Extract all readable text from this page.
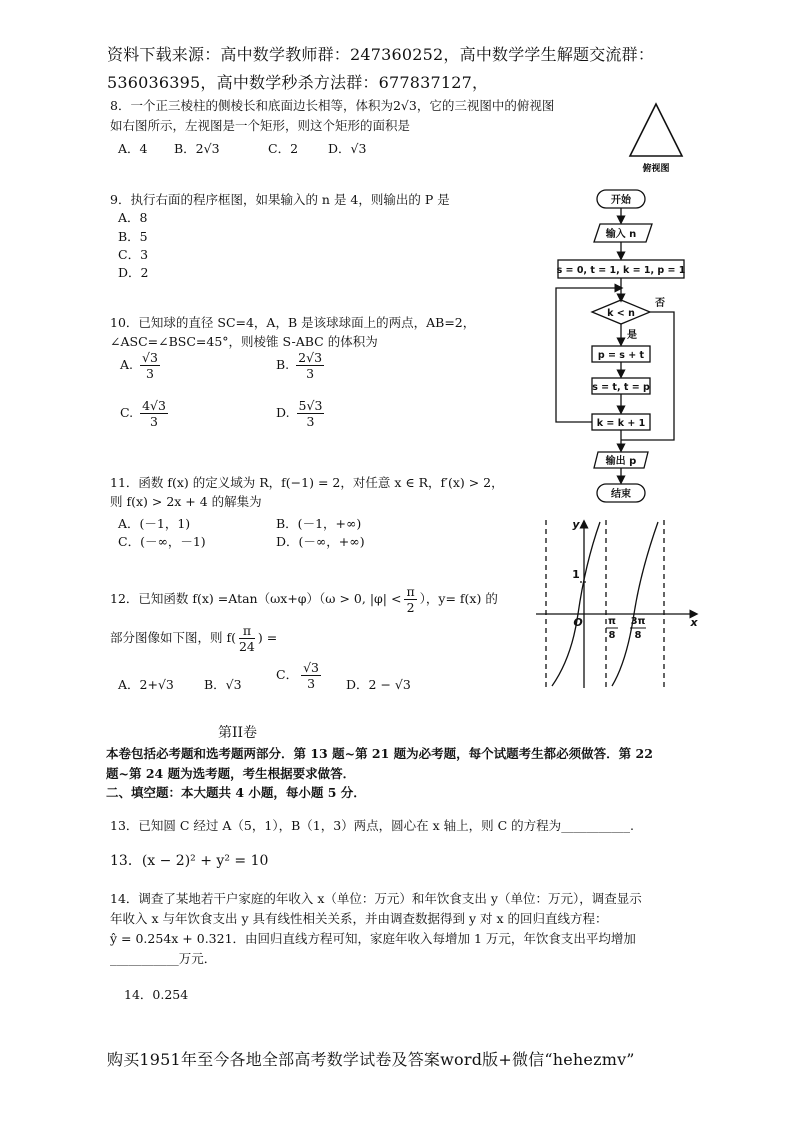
资料下载来源：高中数学教师群：247360252，高中数学学生解题交流群：
536036395，高中数学秒杀方法群：677837127，
8．一个正三棱柱的侧棱长和底面边长相等，体积为2√3，它的三视图中的俯视图
如右图所示，左视图是一个矩形，则这个矩形的面积是
A．4 B．2√3	C．2 D．√3
俯视图
9．执行右面的程序框图，如果输入的 n 是 4，则输出的 P 是
A．8
B．5
C．3
D．2
开始
输入 n
s = 0, t = 1, k = 1, p = 1
k < n
是
否
p = s + t
s = t, t = p
k = k + 1
输出 p
结束
10．已知球的直径 SC=4，A，B 是该球球面上的两点，AB=2，
∠ASC=∠BSC=45°，则棱锥 S-ABC 的体积为
A. $\frac{√3}{3}$	B. $\frac{2√3}{3}$
C. $\frac{4√3}{3}$	D. $\frac{5√3}{3}$
11．函数 f(x) 的定义域为 R，f(−1) = 2，对任意 x ∈ R，f′(x) > 2，
则 f(x) > 2x + 4 的解集为
A．(－1，1)	B．(－1，+∞)
C．(－∞，－1)	D．(－∞，+∞)
y
x
1
O	π
8
3π
8
12．已知函数 f(x) =Atan（ωx+φ）（ω > 0, $|\varphi| < \frac{\pi}{2}$ ），y= f(x) 的
部分图像如下图，则 $f( \frac{\pi}{24}$ ) =
A．2+√3 B．√3
C． $\frac{√3}{3}$ D．2 − √3
第II卷
本卷包括必考题和选考题两部分．第 13 题~第 21 题为必考题，每个试题考生都必须做答．第 22
题~第 24 题为选考题，考生根据要求做答．
二、填空题：本大题共 4 小题，每小题 5 分．
13．已知圆 C 经过 A（5，1），B（1，3）两点，圆心在 x 轴上，则 C 的方程为___________.
13．(x − 2)² + y² = 10
14．调查了某地若干户家庭的年收入 x（单位：万元）和年饮食支出 y（单位：万元），调查显示
年收入 x 与年饮食支出 y 具有线性相关关系，并由调查数据得到 y 对 x 的回归直线方程：
ŷ = 0.254x + 0.321．由回归直线方程可知，家庭年收入每增加 1 万元，年饮食支出平均增加
___________万元．
14．0.254
购买1951年至今各地全部高考数学试卷及答案word版+微信“hehezmv”
